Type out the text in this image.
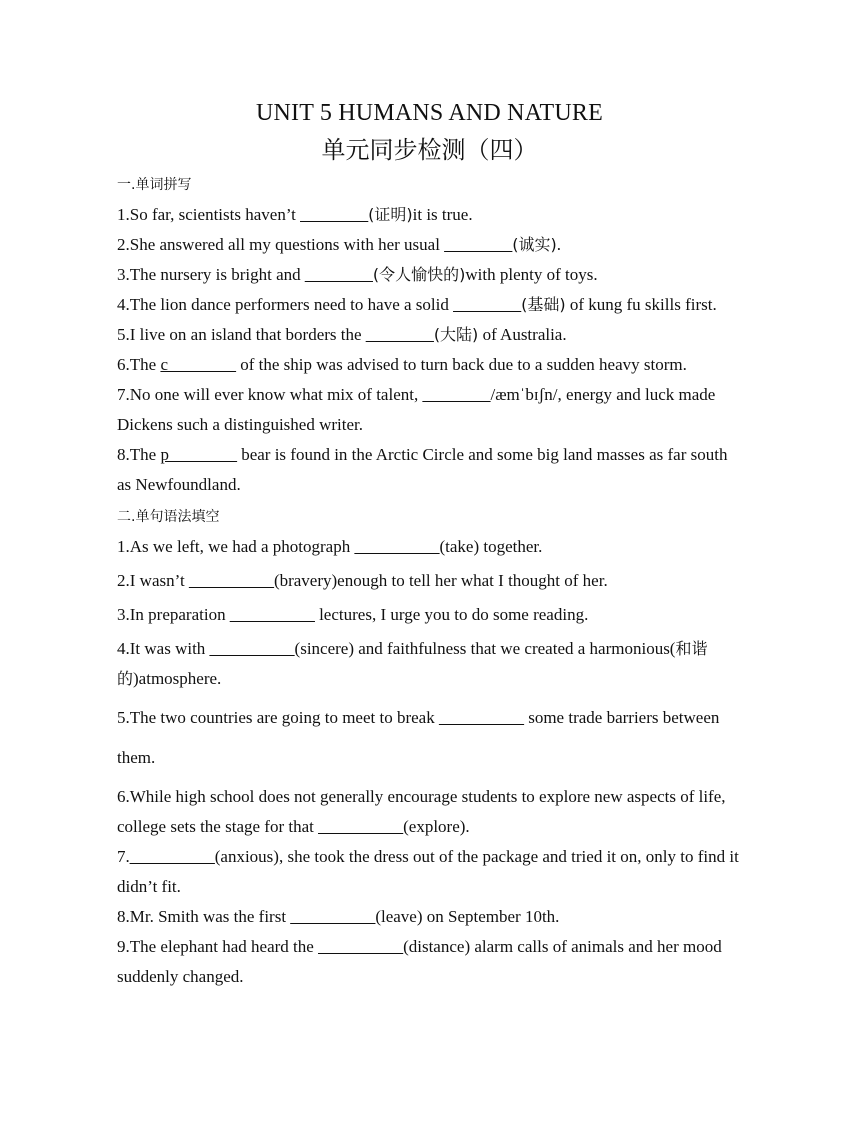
UNIT 5 HUMANS AND NATURE
单元同步检测（四）
一.单词拼写
1.So far, scientists haven’t ________(证明)it is true.
2.She answered all my questions with her usual ________(诚实).
3.The nursery is bright and ________(令人愉快的)with plenty of toys.
4.The lion dance performers need to have a solid ________(基础) of kung fu skills first.
5.I live on an island that borders the ________(大陆) of Australia.
6.The c________ of the ship was advised to turn back due to a sudden heavy storm.
7.No one will ever know what mix of talent, ________/æmˈbɪʃn/, energy and luck made Dickens such a distinguished writer.
8.The p________ bear is found in the Arctic Circle and some big land masses as far south as Newfoundland.
二.单句语法填空
1.As we left, we had a photograph __________(take) together.
2.I wasn’t __________(bravery)enough to tell her what I thought of her.
3.In preparation __________ lectures, I urge you to do some reading.
4.It was with __________(sincere) and faithfulness that we created a harmonious(和谐的)atmosphere.
5.The two countries are going to meet to break __________ some trade barriers between them.
6.While high school does not generally encourage students to explore new aspects of life, college sets the stage for that __________(explore).
7.__________(anxious), she took the dress out of the package and tried it on, only to find it didn’t fit.
8.Mr. Smith was the first __________(leave) on September 10th.
9.The elephant had heard the __________(distance) alarm calls of animals and her mood suddenly changed.
